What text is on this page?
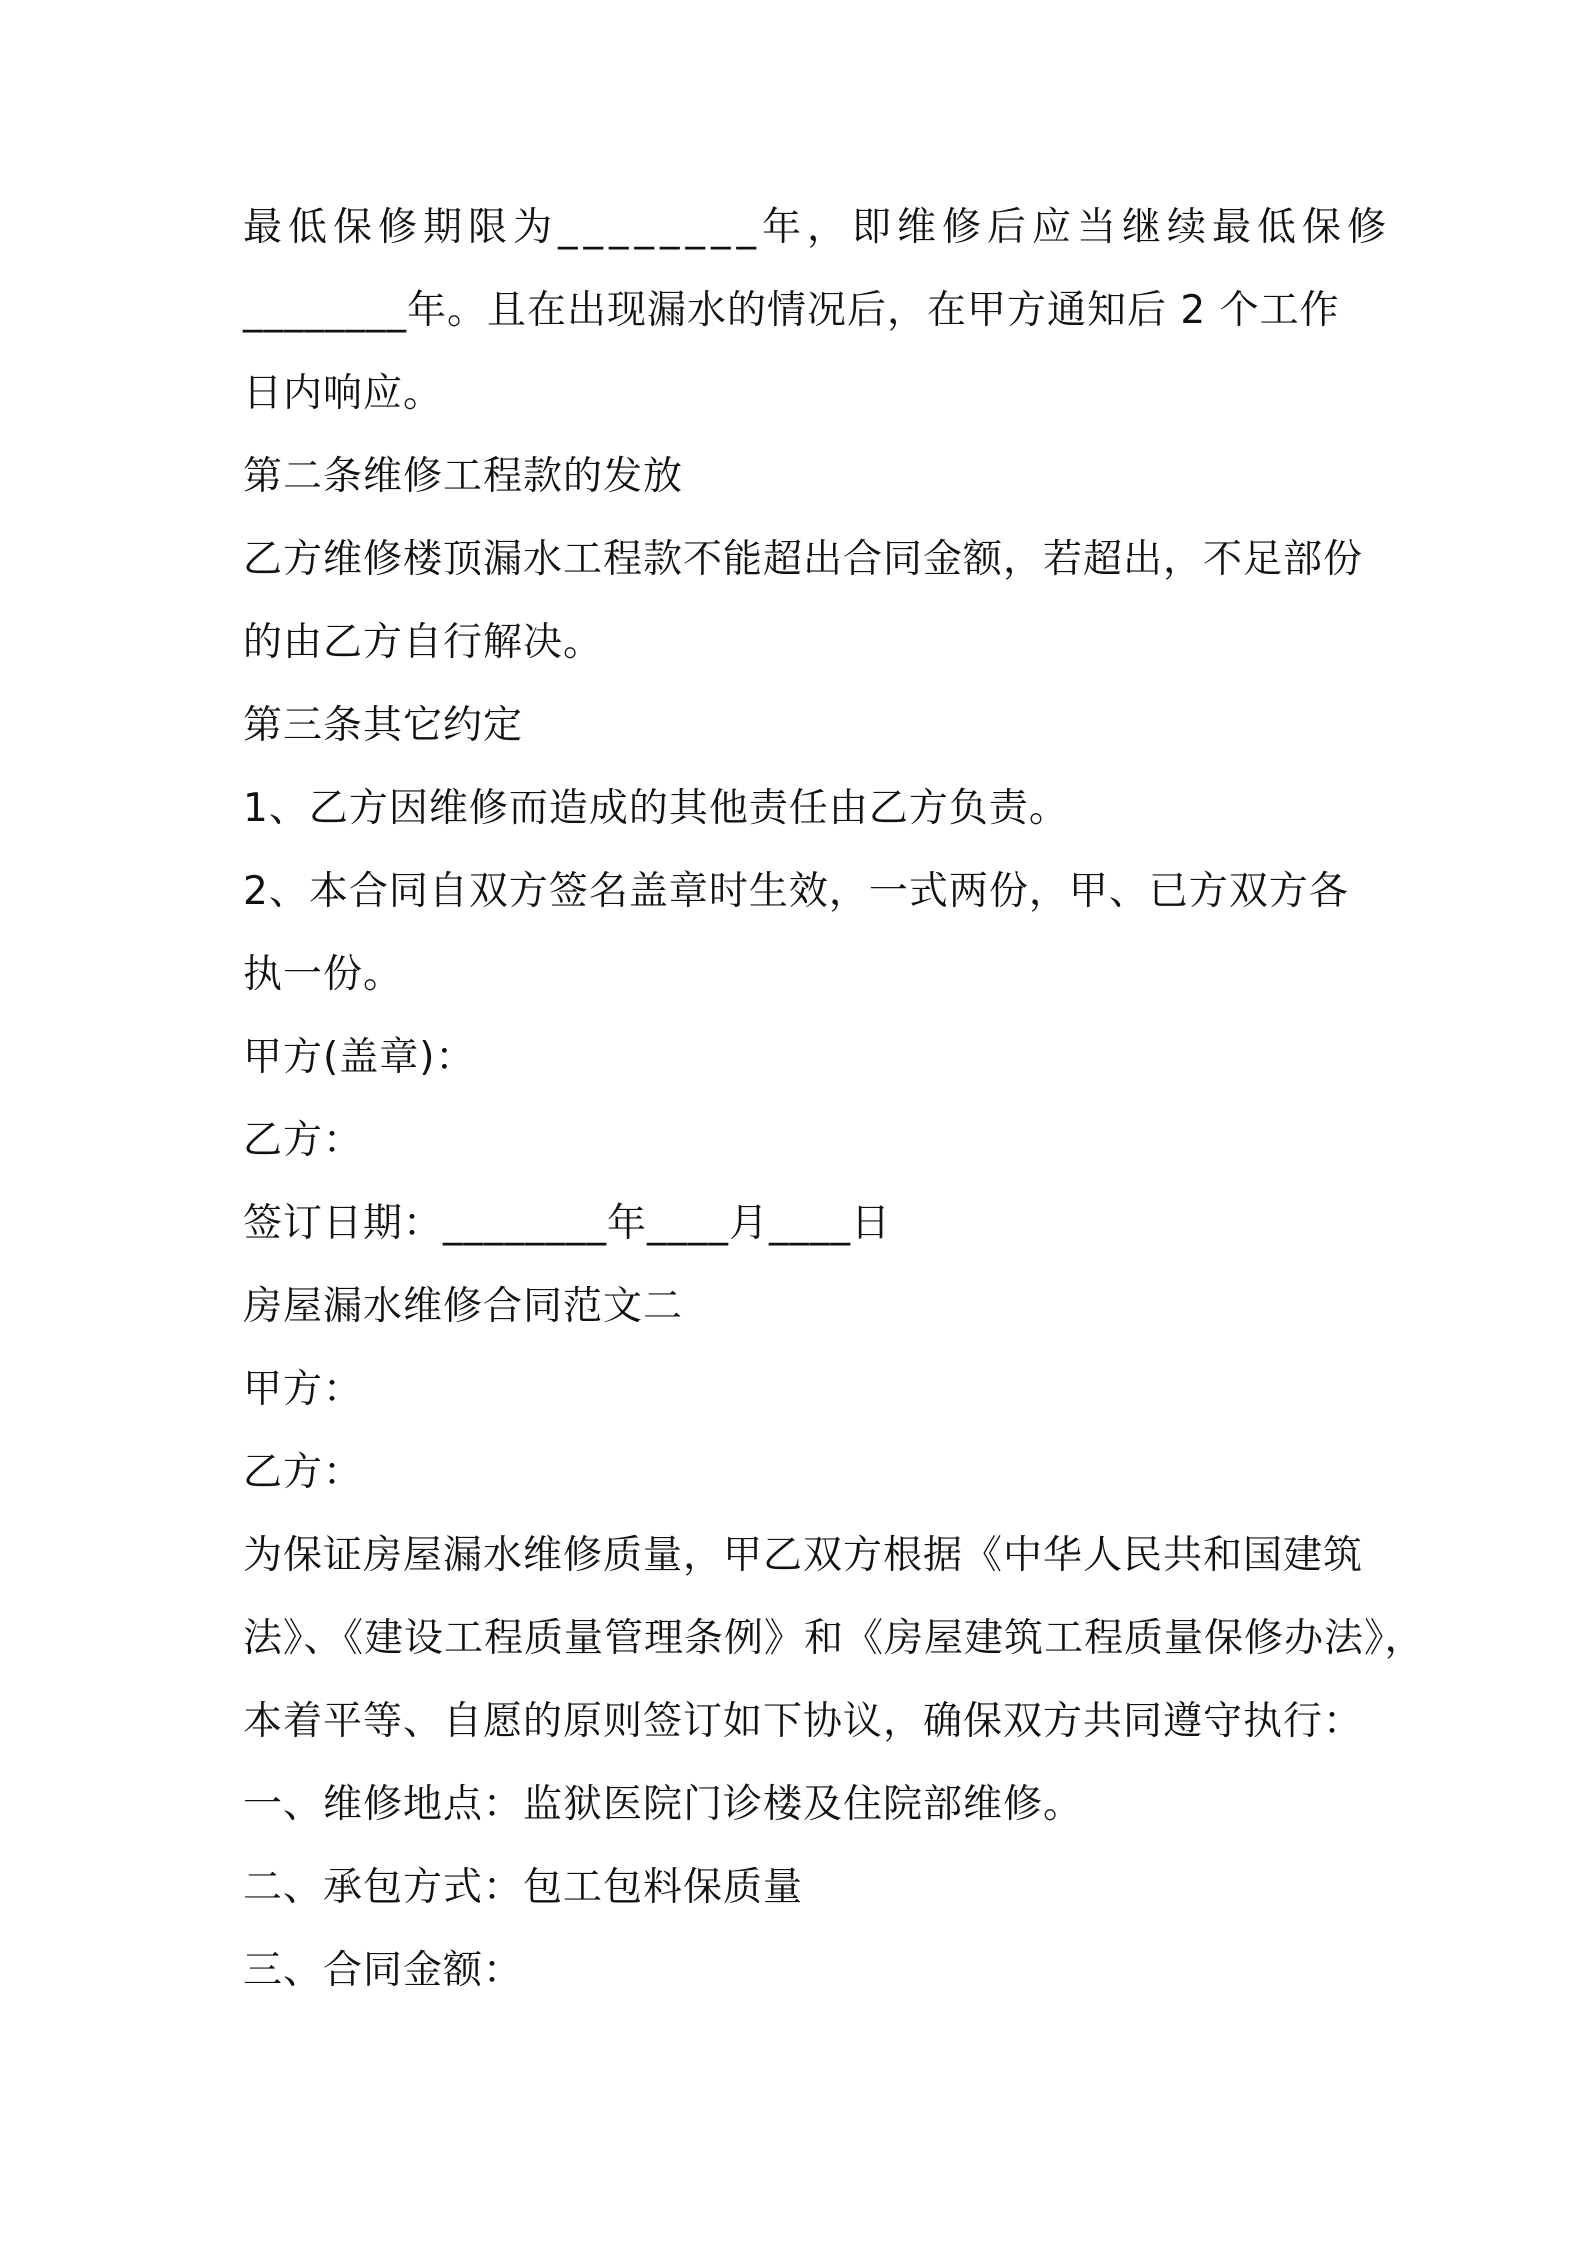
最低保修期限为________年，即维修后应当继续最低保修
________年。且在出现漏水的情况后，在甲方通知后 2 个工作
日内响应。
第二条维修工程款的发放
乙方维修楼顶漏水工程款不能超出合同金额，若超出，不足部份
的由乙方自行解决。
第三条其它约定
1、乙方因维修而造成的其他责任由乙方负责。
2、本合同自双方签名盖章时生效，一式两份，甲、已方双方各
执一份。
甲方(盖章)：
乙方：
签订日期：________年____月____日
房屋漏水维修合同范文二
甲方：
乙方：
为保证房屋漏水维修质量，甲乙双方根据《中华人民共和国建筑
法》、《建设工程质量管理条例》和《房屋建筑工程质量保修办法》，
本着平等、自愿的原则签订如下协议，确保双方共同遵守执行：
一、维修地点：监狱医院门诊楼及住院部维修。
二、承包方式：包工包料保质量
三、合同金额：
